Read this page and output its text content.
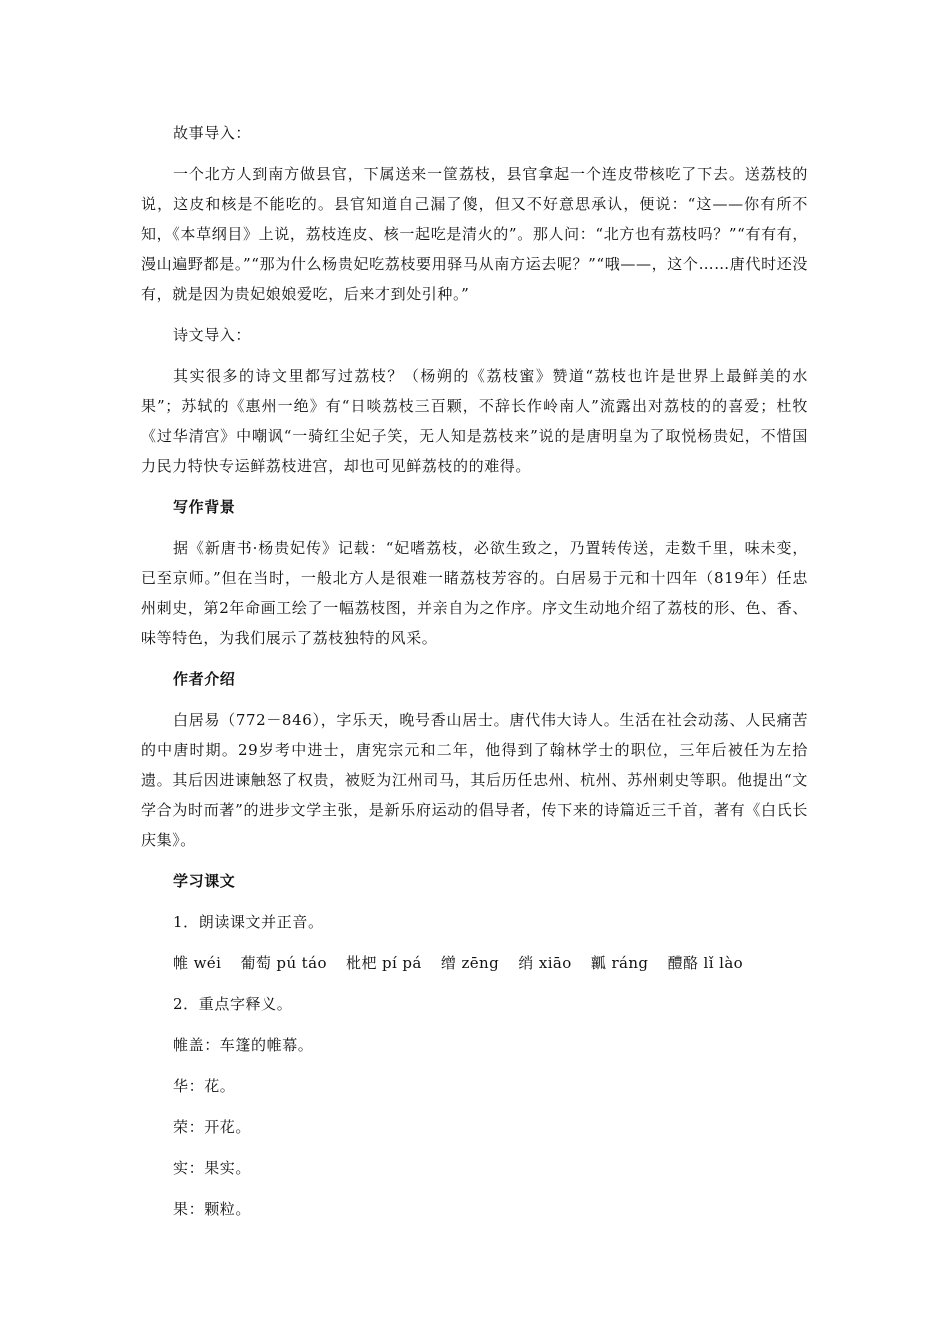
故事导入：
一个北方人到南方做县官，下属送来一筐荔枝，县官拿起一个连皮带核吃了下去。送荔枝的说，这皮和核是不能吃的。县官知道自己漏了傻，但又不好意思承认，便说：“这——你有所不知，《本草纲目》上说，荔枝连皮、核一起吃是清火的”。那人问：“北方也有荔枝吗？”“有有有，漫山遍野都是。”“那为什么杨贵妃吃荔枝要用驿马从南方运去呢？”“哦——，这个……唐代时还没有，就是因为贵妃娘娘爱吃，后来才到处引种。”
诗文导入：
其实很多的诗文里都写过荔枝？（杨朔的《荔枝蜜》赞道“荔枝也许是世界上最鲜美的水果”；苏轼的《惠州一绝》有“日啖荔枝三百颗，不辞长作岭南人”流露出对荔枝的的喜爱；杜牧《过华清宫》中嘲讽“一骑红尘妃子笑，无人知是荔枝来”说的是唐明皇为了取悦杨贵妃，不惜国力民力特快专运鲜荔枝进宫，却也可见鲜荔枝的的难得。
写作背景
据《新唐书·杨贵妃传》记载：“妃嗜荔枝，必欲生致之，乃置转传送，走数千里，味未变，已至京师。”但在当时，一般北方人是很难一睹荔枝芳容的。白居易于元和十四年（819年）任忠州刺史，第2年命画工绘了一幅荔枝图，并亲自为之作序。序文生动地介绍了荔枝的形、色、香、味等特色，为我们展示了荔枝独特的风采。
作者介绍
白居易（772－846），字乐天，晚号香山居士。唐代伟大诗人。生活在社会动荡、人民痛苦的中唐时期。29岁考中进士，唐宪宗元和二年，他得到了翰林学士的职位，三年后被任为左拾遗。其后因进谏触怒了权贵，被贬为江州司马，其后历任忠州、杭州、苏州刺史等职。他提出“文学合为时而著”的进步文学主张，是新乐府运动的倡导者，传下来的诗篇近三千首，著有《白氏长庆集》。
学习课文
1．朗读课文并正音。
帷 wéi 葡萄 pú táo 枇杷 pí pá 缯 zēng 绡 xiāo 瓤 ráng 醴酪 lǐ lào
2．重点字释义。
帷盖：车篷的帷幕。
华：花。
荣：开花。
实：果实。
果：颗粒。
